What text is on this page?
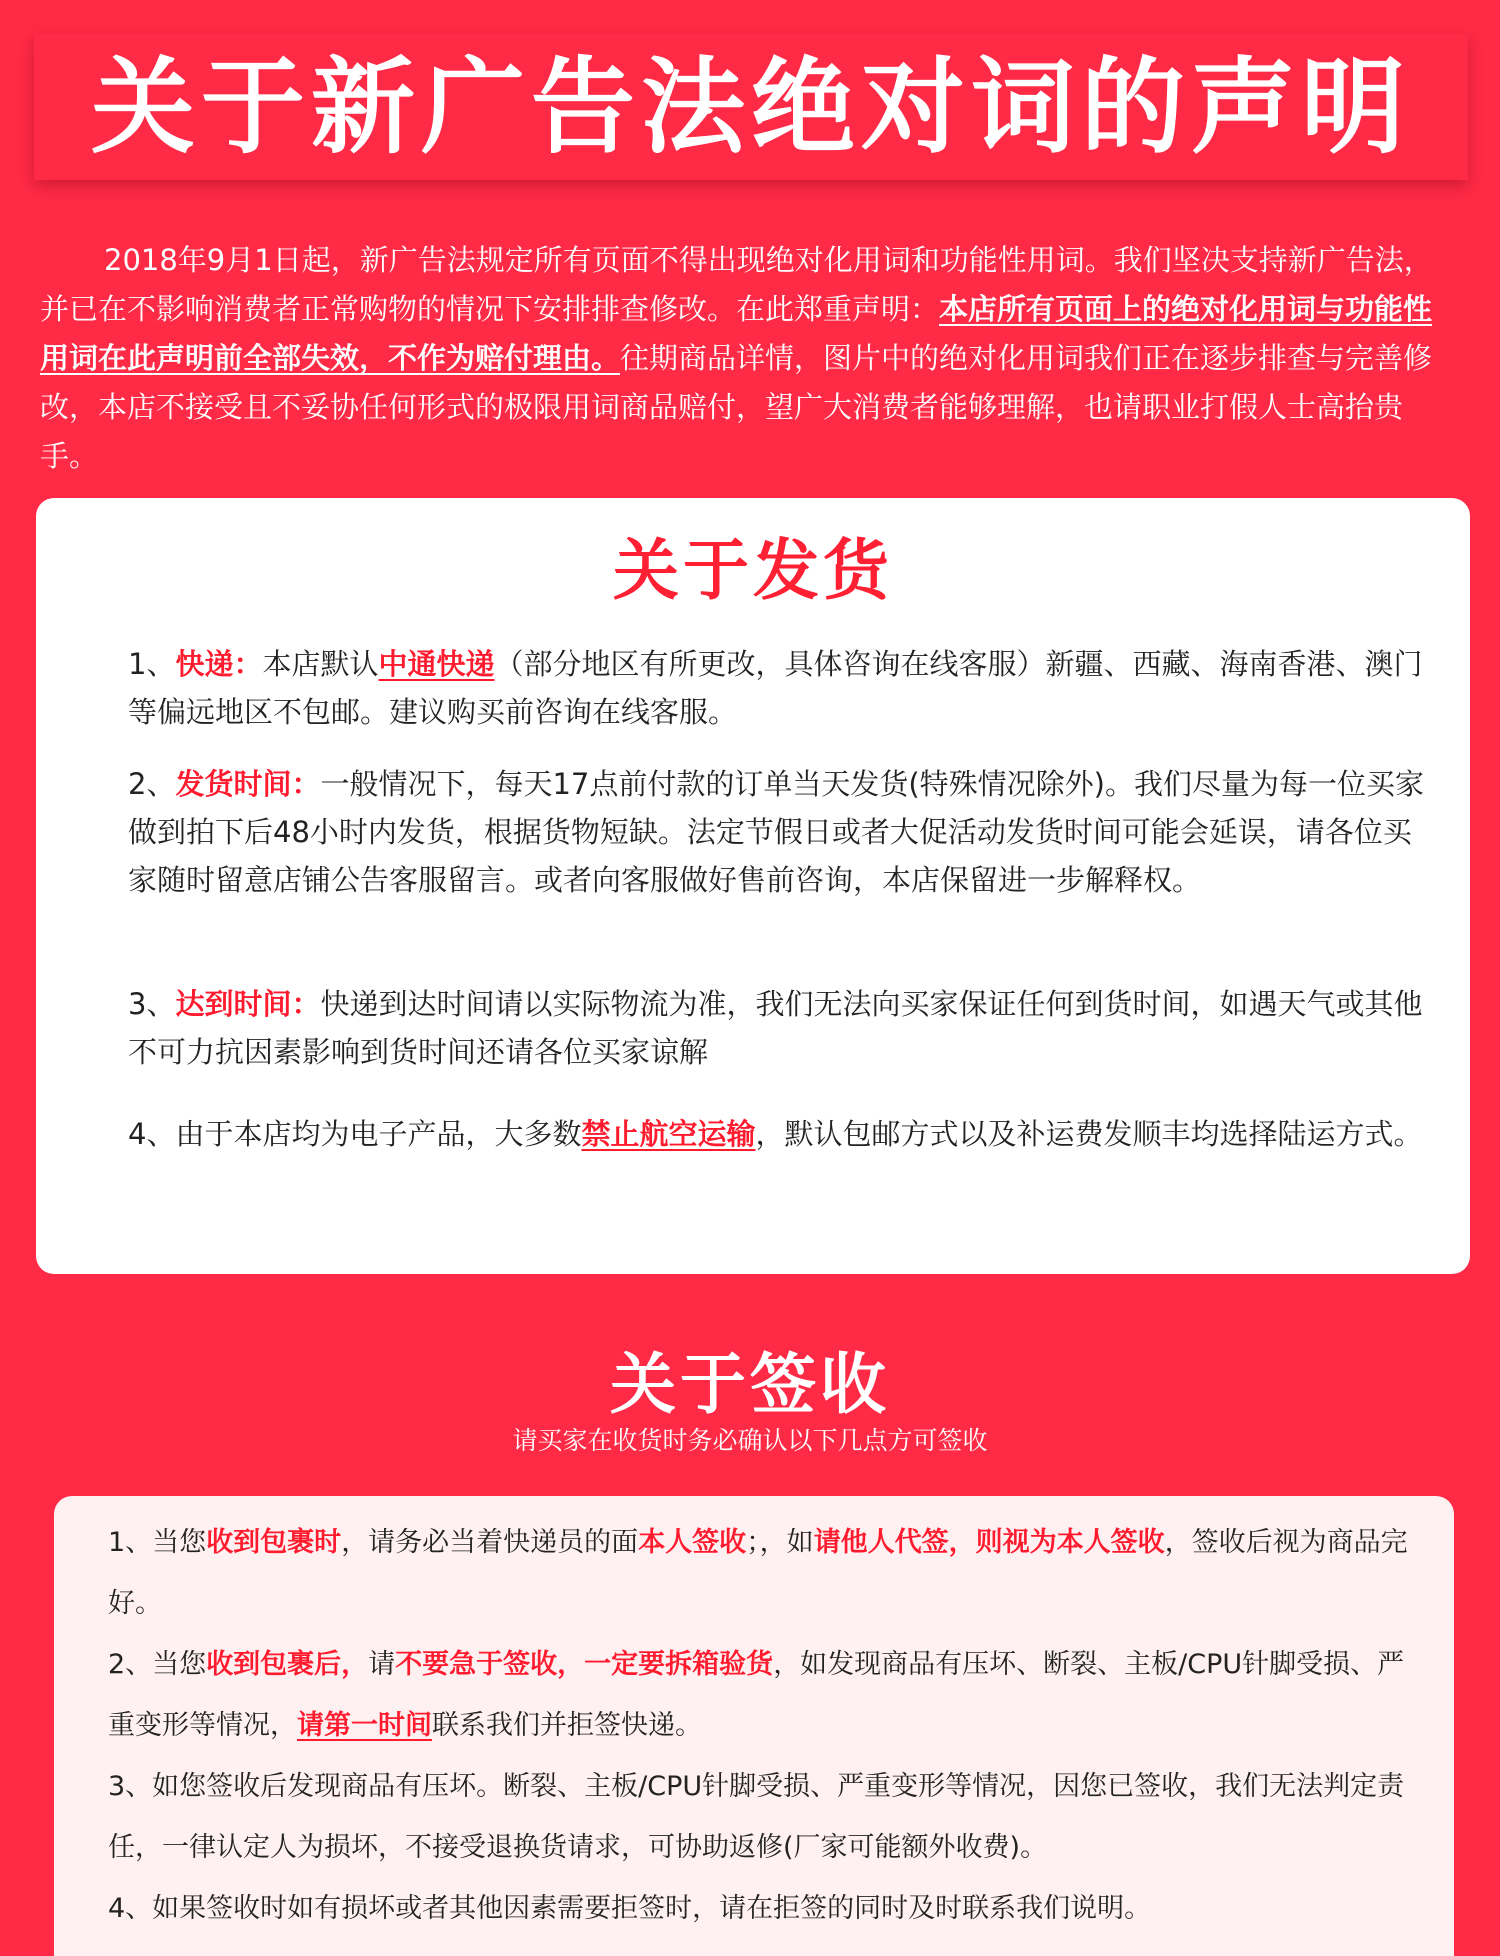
关于新广告法绝对词的声明

2018年9月1日起，新广告法规定所有页面不得出现绝对化用词和功能性用词。我们坚决支持新广告法，并已在不影响消费者正常购物的情况下安排排查修改。在此郑重声明：本店所有页面上的绝对化用词与功能性用词在此声明前全部失效，不作为赔付理由。往期商品详情，图片中的绝对化用词我们正在逐步排查与完善修改，本店不接受且不妥协任何形式的极限用词商品赔付，望广大消费者能够理解，也请职业打假人士高抬贵手。

关于发货

1、快递：本店默认中通快递（部分地区有所更改，具体咨询在线客服）新疆、西藏、海南香港、澳门等偏远地区不包邮。建议购买前咨询在线客服。

2、发货时间：一般情况下，每天17点前付款的订单当天发货(特殊情况除外)。我们尽量为每一位买家做到拍下后48小时内发货，根据货物短缺。法定节假日或者大促活动发货时间可能会延误，请各位买家随时留意店铺公告客服留言。或者向客服做好售前咨询，本店保留进一步解释权。

3、达到时间：快递到达时间请以实际物流为准，我们无法向买家保证任何到货时间，如遇天气或其他不可力抗因素影响到货时间还请各位买家谅解

4、由于本店均为电子产品，大多数禁止航空运输，默认包邮方式以及补运费发顺丰均选择陆运方式。

关于签收

请买家在收货时务必确认以下几点方可签收

1、当您收到包裹时，请务必当着快递员的面本人签收；，如请他人代签，则视为本人签收，签收后视为商品完好。

2、当您收到包裹后，请不要急于签收，一定要拆箱验货，如发现商品有压坏、断裂、主板/CPU针脚受损、严重变形等情况，请第一时间联系我们并拒签快递。

3、如您签收后发现商品有压坏。断裂、主板/CPU针脚受损、严重变形等情况，因您已签收，我们无法判定责任，一律认定人为损坏，不接受退换货请求，可协助返修(厂家可能额外收费)。

4、如果签收时如有损坏或者其他因素需要拒签时，请在拒签的同时及时联系我们说明。
